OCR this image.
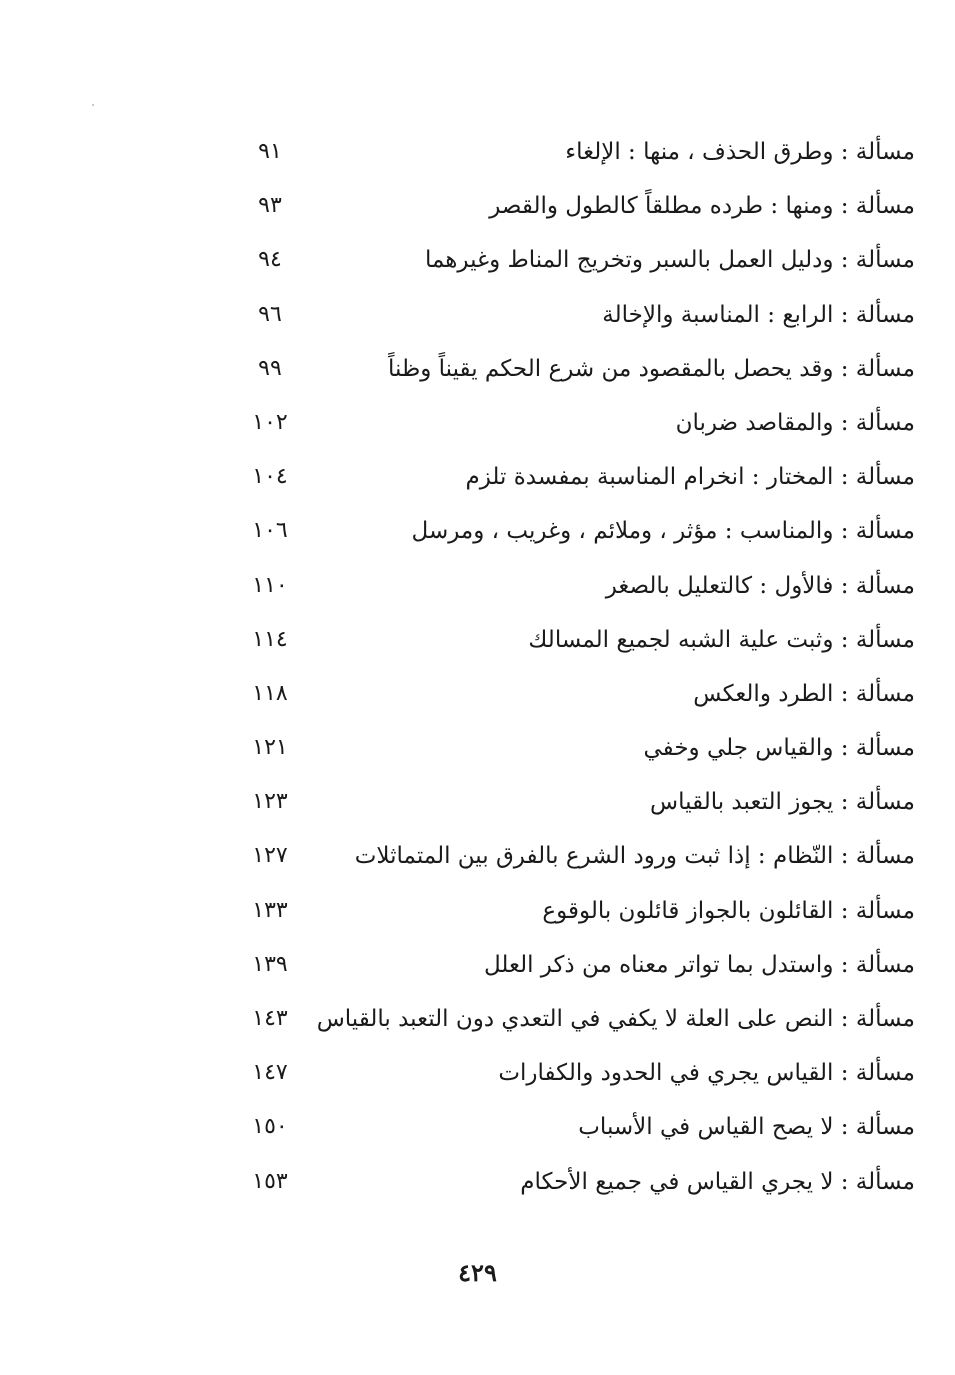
مسألة : وطرق الحذف ، منها : الإلغاء
٩١
مسألة : ومنها : طرده مطلقاً كالطول والقصر
٩٣
مسألة : ودليل العمل بالسبر وتخريج المناط وغيرهما
٩٤
مسألة : الرابع : المناسبة والإخالة
٩٦
مسألة : وقد يحصل بالمقصود من شرع الحكم يقيناً وظناً
٩٩
مسألة : والمقاصد ضربان
١٠٢
مسألة : المختار : انخرام المناسبة بمفسدة تلزم
١٠٤
مسألة : والمناسب : مؤثر ، وملائم ، وغريب ، ومرسل
١٠٦
مسألة : فالأول : كالتعليل بالصغر
١١٠
مسألة : وثبت علية الشبه لجميع المسالك
١١٤
مسألة : الطرد والعكس
١١٨
مسألة : والقياس جلي وخفي
١٢١
مسألة : يجوز التعبد بالقياس
١٢٣
مسألة : النّظام : إذا ثبت ورود الشرع بالفرق بين المتماثلات
١٢٧
مسألة : القائلون بالجواز قائلون بالوقوع
١٣٣
مسألة : واستدل بما تواتر معناه من ذكر العلل
١٣٩
مسألة : النص على العلة لا يكفي في التعدي دون التعبد بالقياس
١٤٣
مسألة : القياس يجري في الحدود والكفارات
١٤٧
مسألة : لا يصح القياس في الأسباب
١٥٠
مسألة : لا يجري القياس في جميع الأحكام
١٥٣
٤٢٩
